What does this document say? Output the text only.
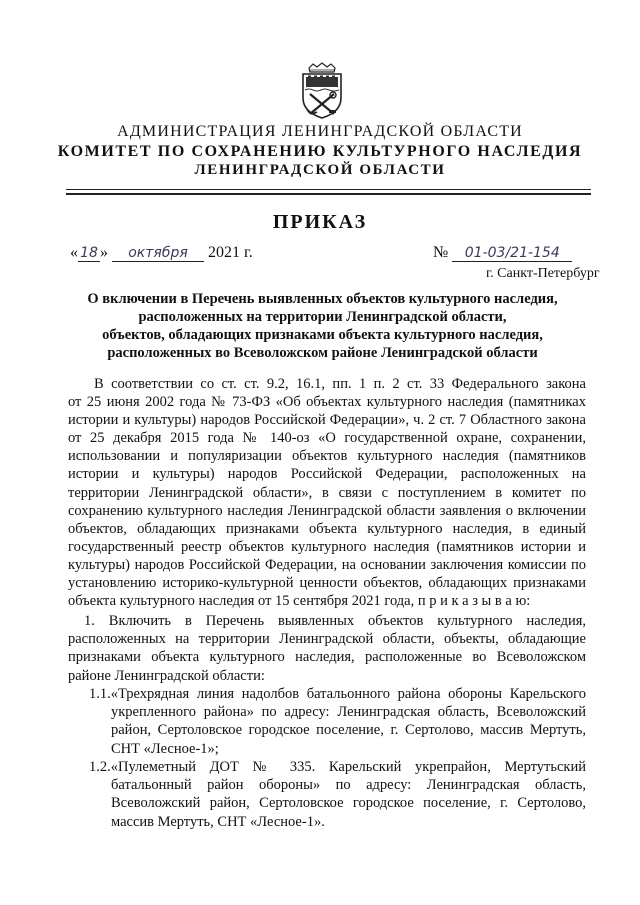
АДМИНИСТРАЦИЯ ЛЕНИНГРАДСКОЙ ОБЛАСТИ
КОМИТЕТ ПО СОХРАНЕНИЮ КУЛЬТУРНОГО НАСЛЕДИЯ
ЛЕНИНГРАДСКОЙ ОБЛАСТИ
ПРИКАЗ
« 18 » октября 2021 г.	№ 01-03/21-154
г. Санкт-Петербург
О включении в Перечень выявленных объектов культурного наследия,
расположенных на территории Ленинградской области,
объектов, обладающих признаками объекта культурного наследия,
расположенных во Всеволожском районе Ленинградской области
В соответствии со ст. ст. 9.2, 16.1, пп. 1 п. 2 ст. 33 Федерального закона
от 25 июня 2002 года № 73-ФЗ «Об объектах культурного наследия (памятниках
истории и культуры) народов Российской Федерации», ч. 2 ст. 7 Областного закона
от 25 декабря 2015 года № 140-оз «О государственной охране, сохранении,
использовании и популяризации объектов культурного наследия (памятников
истории и культуры) народов Российской Федерации, расположенных на
территории Ленинградской области», в связи с поступлением в комитет по
сохранению культурного наследия Ленинградской области заявления о включении
объектов, обладающих признаками объекта культурного наследия, в единый
государственный реестр объектов культурного наследия (памятников истории и
культуры) народов Российской Федерации, на основании заключения комиссии по
установлению историко-культурной ценности объектов, обладающих признаками
объекта культурного наследия от 15 сентября 2021 года, п р и к а з ы в а ю:
1. Включить в Перечень выявленных объектов культурного наследия,
расположенных на территории Ленинградской области, объекты, обладающие
признаками объекта культурного наследия, расположенные во Всеволожском
районе Ленинградской области:
1.1.«Трехрядная линия надолбов батальонного района обороны Карельского
укрепленного района» по адресу: Ленинградская область, Всеволожский
район, Сертоловское городское поселение, г. Сертолово, массив Мертуть,
СНТ «Лесное-1»;
1.2.«Пулеметный ДОТ № 335. Карельский укрепрайон, Мертутьский
батальонный район обороны» по адресу: Ленинградская область,
Всеволожский район, Сертоловское городское поселение, г. Сертолово,
массив Мертуть, СНТ «Лесное-1».
